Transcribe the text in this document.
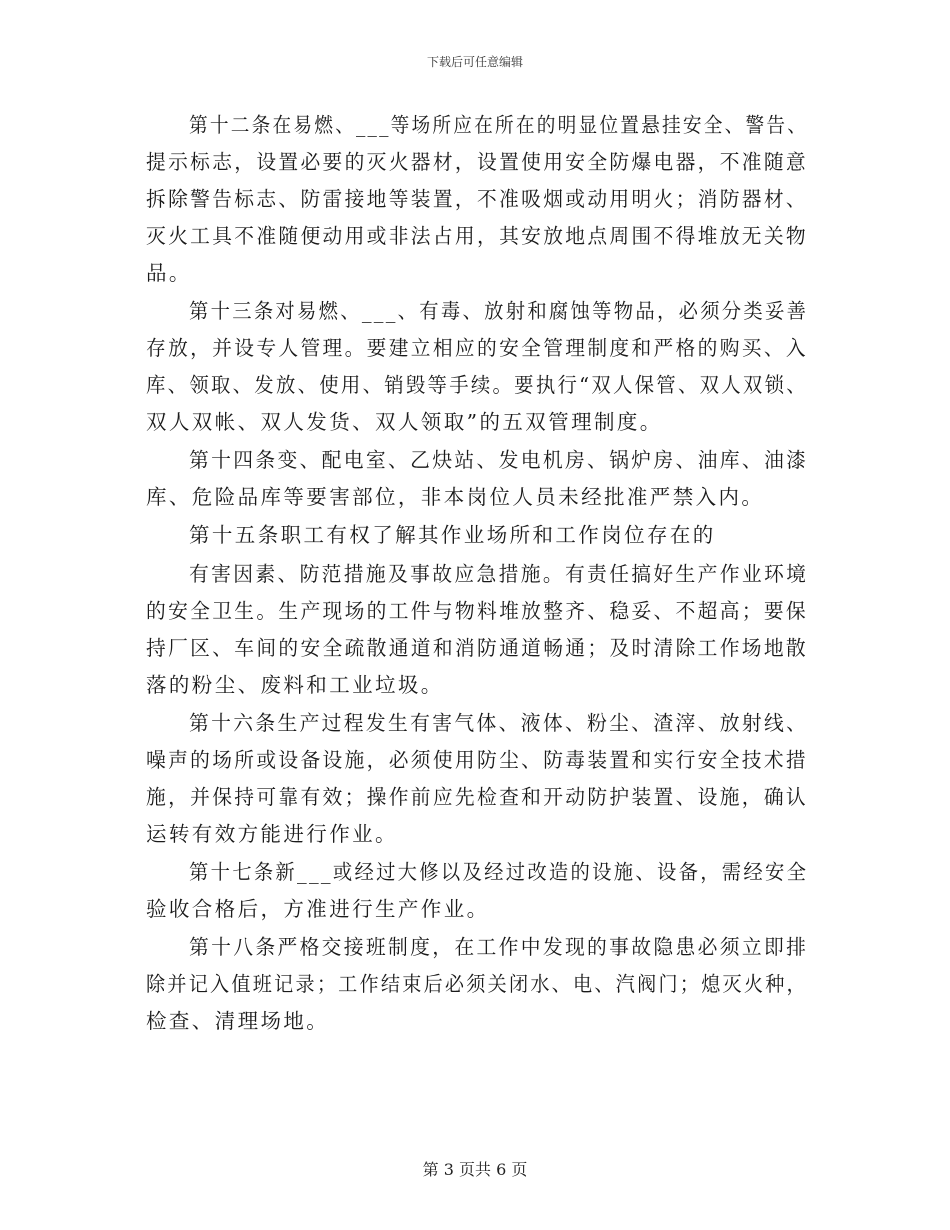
下载后可任意编辑
第十二条在易燃、___等场所应在所在的明显位置悬挂安全、警告、
提示标志，设置必要的灭火器材，设置使用安全防爆电器，不准随意
拆除警告标志、防雷接地等装置，不准吸烟或动用明火；消防器材、
灭火工具不准随便动用或非法占用，其安放地点周围不得堆放无关物
品。
第十三条对易燃、___、有毒、放射和腐蚀等物品，必须分类妥善
存放，并设专人管理。要建立相应的安全管理制度和严格的购买、入
库、领取、发放、使用、销毁等手续。要执行“双人保管、双人双锁、
双人双帐、双人发货、双人领取”的五双管理制度。
第十四条变、配电室、乙炔站、发电机房、锅炉房、油库、油漆
库、危险品库等要害部位，非本岗位人员未经批准严禁入内。
第十五条职工有权了解其作业场所和工作岗位存在的
有害因素、防范措施及事故应急措施。有责任搞好生产作业环境
的安全卫生。生产现场的工件与物料堆放整齐、稳妥、不超高；要保
持厂区、车间的安全疏散通道和消防通道畅通；及时清除工作场地散
落的粉尘、废料和工业垃圾。
第十六条生产过程发生有害气体、液体、粉尘、渣滓、放射线、
噪声的场所或设备设施，必须使用防尘、防毒装置和实行安全技术措
施，并保持可靠有效；操作前应先检查和开动防护装置、设施，确认
运转有效方能进行作业。
第十七条新___或经过大修以及经过改造的设施、设备，需经安全
验收合格后，方准进行生产作业。
第十八条严格交接班制度，在工作中发现的事故隐患必须立即排
除并记入值班记录；工作结束后必须关闭水、电、汽阀门；熄灭火种，
检查、清理场地。
第 3 页共 6 页
